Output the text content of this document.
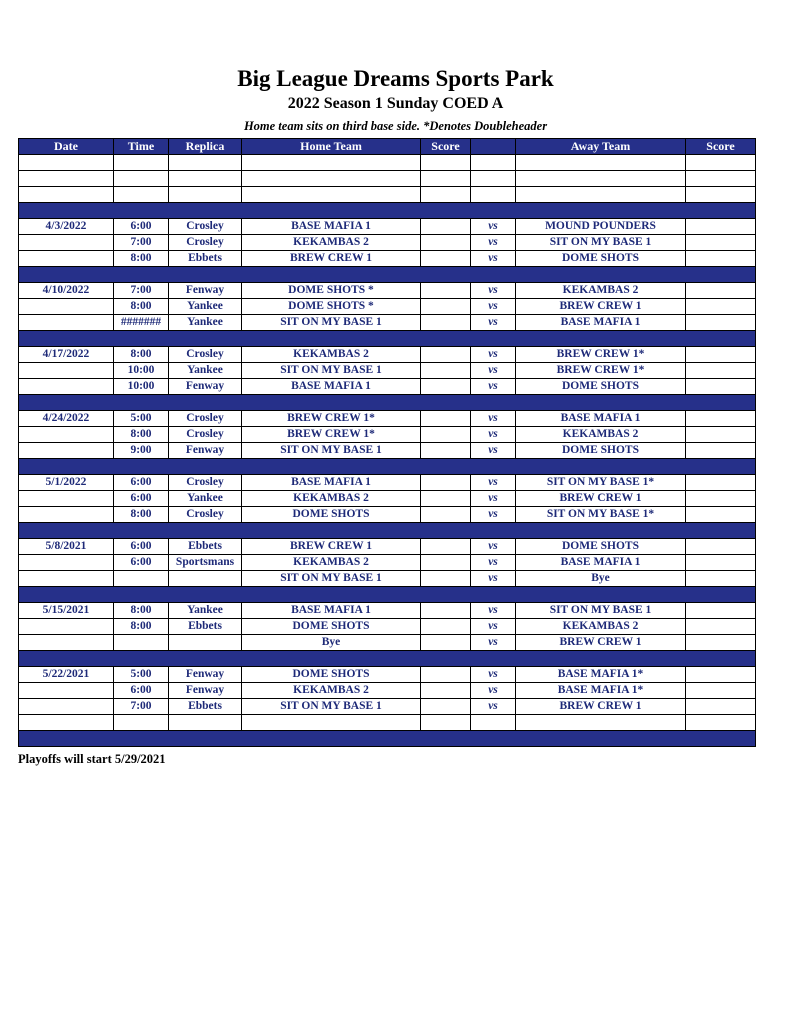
Big League Dreams Sports Park
2022 Season 1 Sunday COED A
Home team sits on third base side. *Denotes Doubleheader
Date	Time	Replica	Home Team	Score		Away Team	Score

4/3/2022	6:00	Crosley	BASE MAFIA 1		vs	MOUND POUNDERS	
	7:00	Crosley	KEKAMBAS 2		vs	SIT ON MY BASE 1	
	8:00	Ebbets	BREW CREW 1		vs	DOME SHOTS	

4/10/2022	7:00	Fenway	DOME SHOTS *		vs	KEKAMBAS 2	
	8:00	Yankee	DOME SHOTS *		vs	BREW CREW 1	
	#######	Yankee	SIT ON MY BASE 1		vs	BASE MAFIA 1	

4/17/2022	8:00	Crosley	KEKAMBAS 2		vs	BREW CREW 1*	
	10:00	Yankee	SIT ON MY BASE 1		vs	BREW CREW 1*	
	10:00	Fenway	BASE MAFIA 1		vs	DOME SHOTS	

4/24/2022	5:00	Crosley	BREW CREW 1*		vs	BASE MAFIA 1	
	8:00	Crosley	BREW CREW 1*		vs	KEKAMBAS 2	
	9:00	Fenway	SIT ON MY BASE 1		vs	DOME SHOTS	

5/1/2022	6:00	Crosley	BASE MAFIA 1		vs	SIT ON MY BASE 1*	
	6:00	Yankee	KEKAMBAS 2		vs	BREW CREW 1	
	8:00	Crosley	DOME SHOTS		vs	SIT ON MY BASE 1*	

5/8/2021	6:00	Ebbets	BREW CREW 1		vs	DOME SHOTS	
	6:00	Sportsmans	KEKAMBAS 2		vs	BASE MAFIA 1	
			SIT ON MY BASE 1		vs	Bye	

5/15/2021	8:00	Yankee	BASE MAFIA 1		vs	SIT ON MY BASE 1	
	8:00	Ebbets	DOME SHOTS		vs	KEKAMBAS 2	
			Bye		vs	BREW CREW 1	

5/22/2021	5:00	Fenway	DOME SHOTS		vs	BASE MAFIA 1*	
	6:00	Fenway	KEKAMBAS 2		vs	BASE MAFIA 1*	
	7:00	Ebbets	SIT ON MY BASE 1		vs	BREW CREW 1	

Playoffs will start 5/29/2021
